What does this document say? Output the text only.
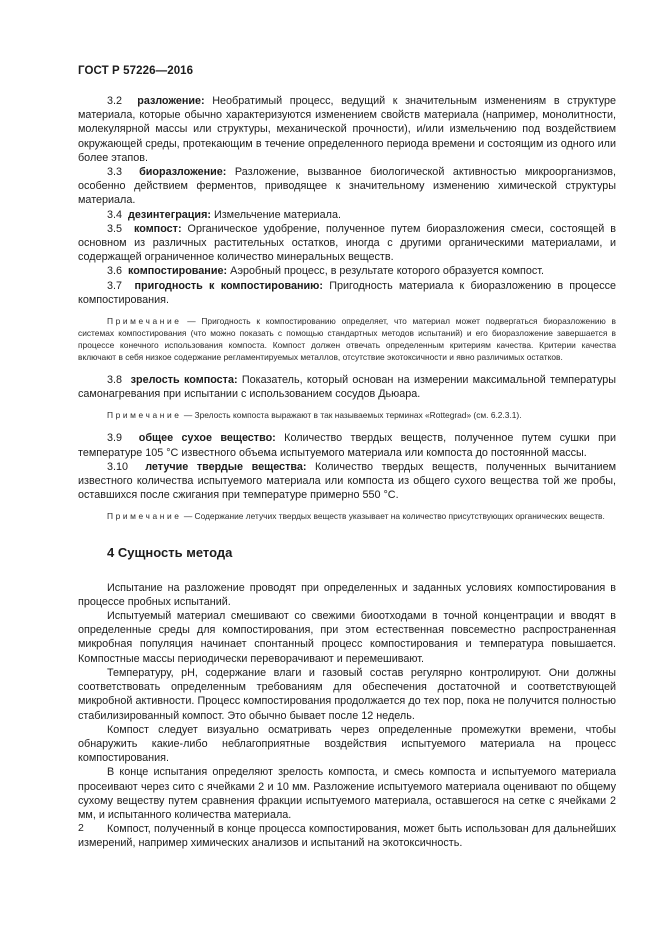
ГОСТ Р 57226—2016

3.2 разложение: Необратимый процесс, ведущий к значительным изменениям в структуре материала, которые обычно характеризуются изменением свойств материала (например, монолитности, молекулярной массы или структуры, механической прочности), и/или измельчению под воздействием окружающей среды, протекающим в течение определенного периода времени и состоящим из одного или более этапов.

3.3 биоразложение: Разложение, вызванное биологической активностью микроорганизмов, особенно действием ферментов, приводящее к значительному изменению химической структуры материала.

3.4 дезинтеграция: Измельчение материала.

3.5 компост: Органическое удобрение, полученное путем биоразложения смеси, состоящей в основном из различных растительных остатков, иногда с другими органическими материалами, и содержащей ограниченное количество минеральных веществ.

3.6 компостирование: Аэробный процесс, в результате которого образуется компост.

3.7 пригодность к компостированию: Пригодность материала к биоразложению в процессе компостирования.

Примечание — Пригодность к компостированию определяет, что материал может подвергаться биоразложению в системах компостирования (что можно показать с помощью стандартных методов испытаний) и его биоразложение завершается в процессе конечного использования компоста. Компост должен отвечать определенным критериям качества. Критерии качества включают в себя низкое содержание регламентируемых металлов, отсутствие экотоксичности и явно различимых остатков.

3.8 зрелость компоста: Показатель, который основан на измерении максимальной температуры самонагревания при испытании с использованием сосудов Дьюара.

Примечание — Зрелость компоста выражают в так называемых терминах «Rottegrad» (см. 6.2.3.1).

3.9 общее сухое вещество: Количество твердых веществ, полученное путем сушки при температуре 105 °С известного объема испытуемого материала или компоста до постоянной массы.

3.10 летучие твердые вещества: Количество твердых веществ, полученных вычитанием известного количества испытуемого материала или компоста из общего сухого вещества той же пробы, оставшихся после сжигания при температуре примерно 550 °С.

Примечание — Содержание летучих твердых веществ указывает на количество присутствующих органических веществ.

4 Сущность метода

Испытание на разложение проводят при определенных и заданных условиях компостирования в процессе пробных испытаний.

Испытуемый материал смешивают со свежими биоотходами в точной концентрации и вводят в определенные среды для компостирования, при этом естественная повсеместно распространенная микробная популяция начинает спонтанный процесс компостирования и температура повышается. Компостные массы периодически переворачивают и перемешивают.

Температуру, рН, содержание влаги и газовый состав регулярно контролируют. Они должны соответствовать определенным требованиям для обеспечения достаточной и соответствующей микробной активности. Процесс компостирования продолжается до тех пор, пока не получится полностью стабилизированный компост. Это обычно бывает после 12 недель.

Компост следует визуально осматривать через определенные промежутки времени, чтобы обнаружить какие-либо неблагоприятные воздействия испытуемого материала на процесс компостирования.

В конце испытания определяют зрелость компоста, и смесь компоста и испытуемого материала просеивают через сито с ячейками 2 и 10 мм. Разложение испытуемого материала оценивают по общему сухому веществу путем сравнения фракции испытуемого материала, оставшегося на сетке с ячейками 2 мм, и испытанного количества материала.

Компост, полученный в конце процесса компостирования, может быть использован для дальнейших измерений, например химических анализов и испытаний на экотоксичность.

2
